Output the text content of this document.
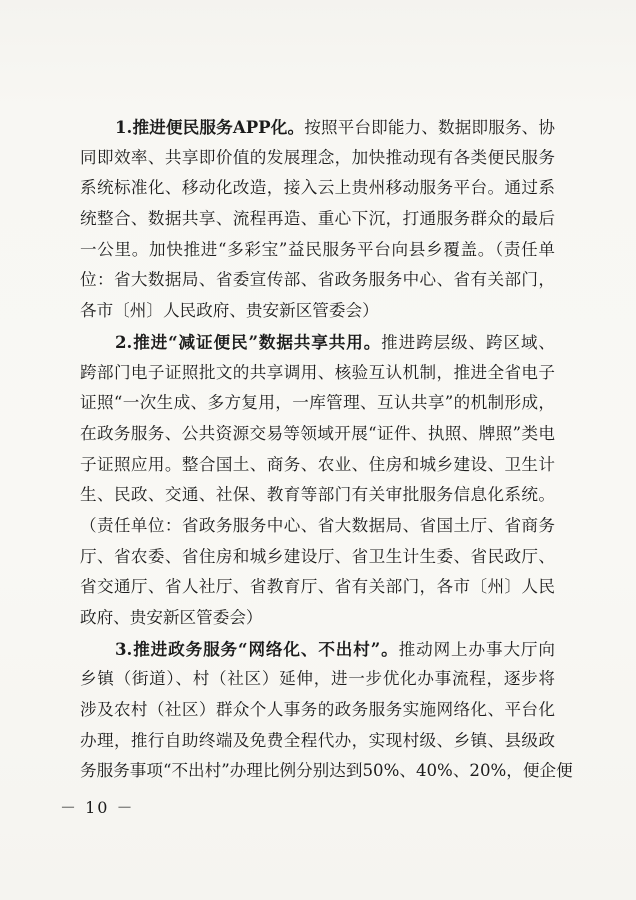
1.推进便民服务APP化。按照平台即能力、数据即服务、协
同即效率、共享即价值的发展理念，加快推动现有各类便民服务
系统标准化、移动化改造，接入云上贵州移动服务平台。通过系
统整合、数据共享、流程再造、重心下沉，打通服务群众的最后
一公里。加快推进“多彩宝”益民服务平台向县乡覆盖。（责任单
位：省大数据局、省委宣传部、省政务服务中心、省有关部门，
各市〔州〕人民政府、贵安新区管委会）
2.推进“减证便民”数据共享共用。推进跨层级、跨区域、
跨部门电子证照批文的共享调用、核验互认机制，推进全省电子
证照“一次生成、多方复用，一库管理、互认共享”的机制形成，
在政务服务、公共资源交易等领域开展“证件、执照、牌照”类电
子证照应用。整合国土、商务、农业、住房和城乡建设、卫生计
生、民政、交通、社保、教育等部门有关审批服务信息化系统。
（责任单位：省政务服务中心、省大数据局、省国土厅、省商务
厅、省农委、省住房和城乡建设厅、省卫生计生委、省民政厅、
省交通厅、省人社厅、省教育厅、省有关部门，各市〔州〕人民
政府、贵安新区管委会）
3.推进政务服务“网络化、不出村”。推动网上办事大厅向
乡镇（街道）、村（社区）延伸，进一步优化办事流程，逐步将
涉及农村（社区）群众个人事务的政务服务实施网络化、平台化
办理，推行自助终端及免费全程代办，实现村级、乡镇、县级政
务服务事项“不出村”办理比例分别达到50%、40%、20%，便企便
－ 10 －
